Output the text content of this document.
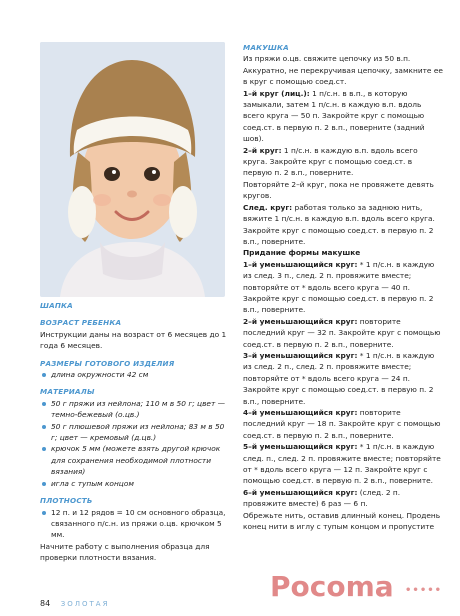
ШАПКА
ВОЗРАСТ РЕБЕНКА

Инструкции даны на возраст от 6 месяцев до 1 года 6 месяцев.

РАЗМЕРЫ ГОТОВОГО ИЗДЕЛИЯ
длина окружности 42 см
МАТЕРИАЛЫ
50 г пряжи из нейлона; 110 м в 50 г; цвет — темно-бежевый (о.цв.)
50 г плюшевой пряжи из нейлона; 83 м в 50 г; цвет — кремовый (д.цв.)
крючок 5 мм (можете взять другой крючок для сохранения необходимой плотности вязания)
игла с тупым концом
ПЛОТНОСТЬ
12 п. и 12 рядов = 10 см основного образца, связанного п/с.н. из пряжи о.цв. крючком 5 мм.

Начните работу с выполнения образца для проверки плотности вязания.

МАКУШКА

Из пряжи о.цв. свяжите цепочку из 50 в.п. Аккуратно, не перекручивая цепочку, замкните ее в круг с помощью соед.ст.

1–й круг (лиц.): 1 п/с.н. в в.п., в которую замыкали, затем 1 п/с.н. в каждую в.п. вдоль всего круга — 50 п. Закройте круг с помощью соед.ст. в первую п. 2 в.п., поверните (задний шов).

2–й круг: 1 п/с.н. в каждую в.п. вдоль всего круга. Закройте круг с помощью соед.ст. в первую п. 2 в.п., поверните.

Повторяйте 2–й круг, пока не провяжете девять кругов.

След. круг: работая только за заднюю нить, вяжите 1 п/с.н. в каждую в.п. вдоль всего круга. Закройте круг с помощью соед.ст. в первую п. 2 в.п., поверните.

Придание формы макушке

1–й уменьшающийся круг: * 1 п/с.н. в каждую из след. 3 п., след. 2 п. провяжите вместе; повторяйте от * вдоль всего круга — 40 п. Закройте круг с помощью соед.ст. в первую п. 2 в.п., поверните.

2–й уменьшающийся круг: повторите последний круг — 32 п. Закройте круг с помощью соед.ст. в первую п. 2 в.п., поверните.

3–й уменьшающийся круг: * 1 п/с.н. в каждую из след. 2 п., след. 2 п. провяжите вместе; повторяйте от * вдоль всего круга — 24 п. Закройте круг с помощью соед.ст. в первую п. 2 в.п., поверните.

4–й уменьшающийся круг: повторите последний круг — 18 п. Закройте круг с помощью соед.ст. в первую п. 2 в.п., поверните.

5–й уменьшающийся круг: * 1 п/с.н. в каждую след. п., след. 2 п. провяжите вместе; повторяйте от * вдоль всего круга — 12 п. Закройте круг с помощью соед.ст. в первую п. 2 в.п., поверните.

6–й уменьшающийся круг: (след. 2 п. провяжите вместе) 6 раз — 6 п.

Обрежьте нить, оставив длинный конец. Продень конец нити в иглу с тупым концом и пропустите

Pocoma •••••
84 ЗОЛОТАЯ
